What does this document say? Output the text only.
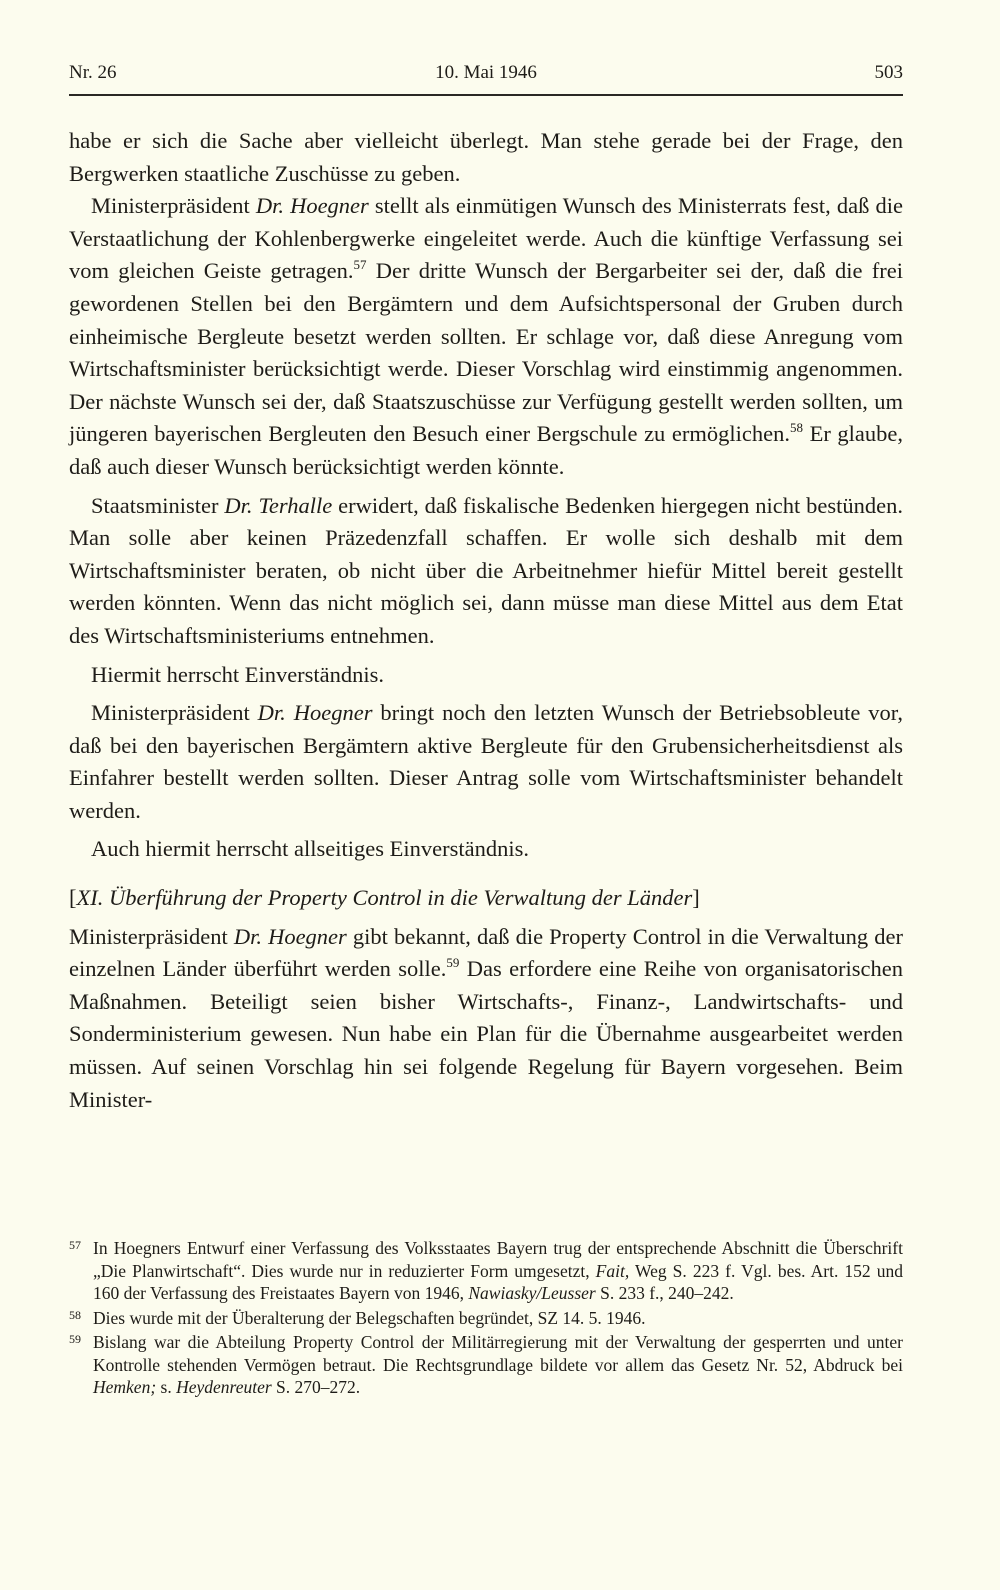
Nr. 26	10. Mai 1946	503

habe er sich die Sache aber vielleicht überlegt. Man stehe gerade bei der Frage, den Bergwerken staatliche Zuschüsse zu geben.

Ministerpräsident Dr. Hoegner stellt als einmütigen Wunsch des Ministerrats fest, daß die Verstaatlichung der Kohlenbergwerke eingeleitet werde. Auch die künftige Verfassung sei vom gleichen Geiste getragen.$^{57}$ Der dritte Wunsch der Bergarbeiter sei der, daß die frei gewordenen Stellen bei den Bergämtern und dem Aufsichtspersonal der Gruben durch einheimische Bergleute besetzt werden sollten. Er schlage vor, daß diese Anregung vom Wirtschaftsminister berücksichtigt werde. Dieser Vorschlag wird einstimmig angenommen. Der nächste Wunsch sei der, daß Staatszuschüsse zur Verfügung gestellt werden sollten, um jüngeren bayerischen Bergleuten den Besuch einer Bergschule zu ermöglichen.$^{58}$ Er glaube, daß auch dieser Wunsch berücksichtigt werden könnte.

Staatsminister Dr. Terhalle erwidert, daß fiskalische Bedenken hiergegen nicht bestünden. Man solle aber keinen Präzedenzfall schaffen. Er wolle sich deshalb mit dem Wirtschaftsminister beraten, ob nicht über die Arbeitnehmer hiefür Mittel bereit gestellt werden könnten. Wenn das nicht möglich sei, dann müsse man diese Mittel aus dem Etat des Wirtschaftsministeriums entnehmen.

Hiermit herrscht Einverständnis.

Ministerpräsident Dr. Hoegner bringt noch den letzten Wunsch der Betriebsobleute vor, daß bei den bayerischen Bergämtern aktive Bergleute für den Grubensicherheitsdienst als Einfahrer bestellt werden sollten. Dieser Antrag solle vom Wirtschaftsminister behandelt werden.

Auch hiermit herrscht allseitiges Einverständnis.

[XI. Überführung der Property Control in die Verwaltung der Länder]

Ministerpräsident Dr. Hoegner gibt bekannt, daß die Property Control in die Verwaltung der einzelnen Länder überführt werden solle.$^{59}$ Das erfordere eine Reihe von organisatorischen Maßnahmen. Beteiligt seien bisher Wirtschafts-, Finanz-, Landwirtschafts- und Sonderministerium gewesen. Nun habe ein Plan für die Übernahme ausgearbeitet werden müssen. Auf seinen Vorschlag hin sei folgende Regelung für Bayern vorgesehen. Beim Minister-

57 In Hoegners Entwurf einer Verfassung des Volksstaates Bayern trug der entsprechende Abschnitt die Überschrift „Die Planwirtschaft“. Dies wurde nur in reduzierter Form umgesetzt, Fait, Weg S. 223 f. Vgl. bes. Art. 152 und 160 der Verfassung des Freistaates Bayern von 1946, Nawiasky/Leusser S. 233 f., 240–242.

58 Dies wurde mit der Überalterung der Belegschaften begründet, SZ 14. 5. 1946.

59 Bislang war die Abteilung Property Control der Militärregierung mit der Verwaltung der gesperrten und unter Kontrolle stehenden Vermögen betraut. Die Rechtsgrundlage bildete vor allem das Gesetz Nr. 52, Abdruck bei Hemken; s. Heydenreuter S. 270–272.
